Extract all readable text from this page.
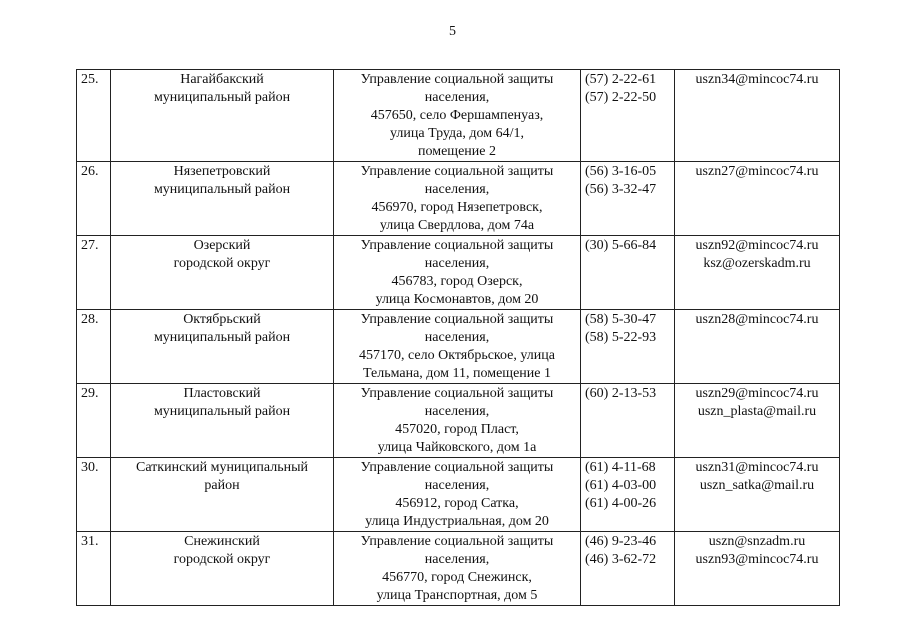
5
25.	Нагайбакский
муниципальный район	Управление социальной защиты
населения,
457650, село Фершампенуаз,
улица Труда, дом 64/1,
помещение 2	(57) 2-22-61
(57) 2-22-50	uszn34@mincoc74.ru

26.	Нязепетровский
муниципальный район	Управление социальной защиты
населения,
456970, город Нязепетровск,
улица Свердлова, дом 74а	(56) 3-16-05
(56) 3-32-47	uszn27@mincoc74.ru

27.	Озерский
городской округ	Управление социальной защиты
населения,
456783, город Озерск,
улица Космонавтов, дом 20	(30) 5-66-84	uszn92@mincoc74.ru
ksz@ozerskadm.ru

28.	Октябрьский
муниципальный район	Управление социальной защиты
населения,
457170, село Октябрьское, улица
Тельмана, дом 11, помещение 1	(58) 5-30-47
(58) 5-22-93	uszn28@mincoc74.ru

29.	Пластовский
муниципальный район	Управление социальной защиты
населения,
457020, город Пласт,
улица Чайковского, дом 1а	(60) 2-13-53	uszn29@mincoc74.ru
uszn_plasta@mail.ru

30.	Саткинский муниципальный
район	Управление социальной защиты
населения,
456912, город Сатка,
улица Индустриальная, дом 20	(61) 4-11-68
(61) 4-03-00
(61) 4-00-26	uszn31@mincoc74.ru
uszn_satka@mail.ru

31.	Снежинский
городской округ	Управление социальной защиты
населения,
456770, город Снежинск,
улица Транспортная, дом 5	(46) 9-23-46
(46) 3-62-72	uszn@snzadm.ru
uszn93@mincoc74.ru
